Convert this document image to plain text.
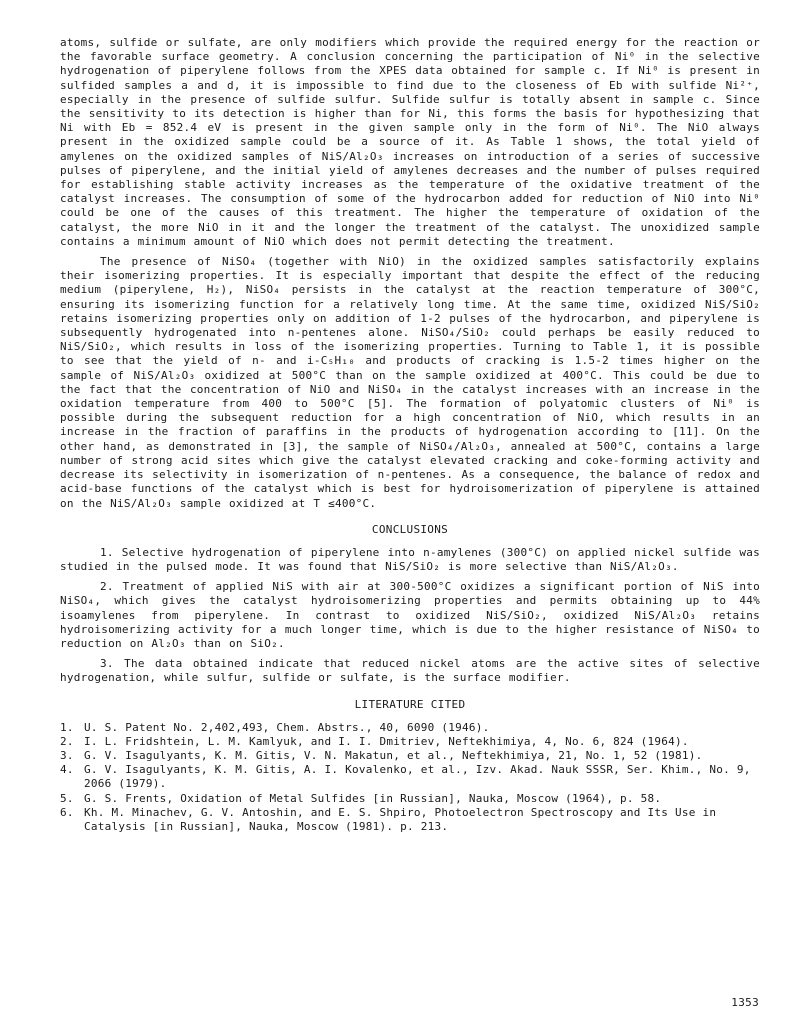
atoms, sulfide or sulfate, are only modifiers which provide the required energy for the reaction or the favorable surface geometry. A conclusion concerning the participation of Ni⁰ in the selective hydrogenation of piperylene follows from the XPES data obtained for sample c. If Ni⁰ is present in sulfided samples a and d, it is impossible to find due to the closeness of Eb with sulfide Ni²⁺, especially in the presence of sulfide sulfur. Sulfide sulfur is totally absent in sample c. Since the sensitivity to its detection is higher than for Ni, this forms the basis for hypothesizing that Ni with Eb = 852.4 eV is present in the given sample only in the form of Ni⁰. The NiO always present in the oxidized sample could be a source of it. As Table 1 shows, the total yield of amylenes on the oxidized samples of NiS/Al₂O₃ increases on introduction of a series of successive pulses of piperylene, and the initial yield of amylenes decreases and the number of pulses required for establishing stable activity increases as the temperature of the oxidative treatment of the catalyst increases. The consumption of some of the hydrocarbon added for reduction of NiO into Ni⁰ could be one of the causes of this treatment. The higher the temperature of oxidation of the catalyst, the more NiO in it and the longer the treatment of the catalyst. The unoxidized sample contains a minimum amount of NiO which does not permit detecting the treatment.

The presence of NiSO₄ (together with NiO) in the oxidized samples satisfactorily explains their isomerizing properties. It is especially important that despite the effect of the reducing medium (piperylene, H₂), NiSO₄ persists in the catalyst at the reaction temperature of 300°C, ensuring its isomerizing function for a relatively long time. At the same time, oxidized NiS/SiO₂ retains isomerizing properties only on addition of 1-2 pulses of the hydrocarbon, and piperylene is subsequently hydrogenated into n-pentenes alone. NiSO₄/SiO₂ could perhaps be easily reduced to NiS/SiO₂, which results in loss of the isomerizing properties. Turning to Table 1, it is possible to see that the yield of n- and i-C₅H₁₀ and products of cracking is 1.5-2 times higher on the sample of NiS/Al₂O₃ oxidized at 500°C than on the sample oxidized at 400°C. This could be due to the fact that the concentration of NiO and NiSO₄ in the catalyst increases with an increase in the oxidation temperature from 400 to 500°C [5]. The formation of polyatomic clusters of Ni⁰ is possible during the subsequent reduction for a high concentration of NiO, which results in an increase in the fraction of paraffins in the products of hydrogenation according to [11]. On the other hand, as demonstrated in [3], the sample of NiSO₄/Al₂O₃, annealed at 500°C, contains a large number of strong acid sites which give the catalyst elevated cracking and coke-forming activity and decrease its selectivity in isomerization of n-pentenes. As a consequence, the balance of redox and acid-base functions of the catalyst which is best for hydroisomerization of piperylene is attained on the NiS/Al₂O₃ sample oxidized at T ≤400°C.

CONCLUSIONS

1. Selective hydrogenation of piperylene into n-amylenes (300°C) on applied nickel sulfide was studied in the pulsed mode. It was found that NiS/SiO₂ is more selective than NiS/Al₂O₃.

2. Treatment of applied NiS with air at 300-500°C oxidizes a significant portion of NiS into NiSO₄, which gives the catalyst hydroisomerizing properties and permits obtaining up to 44% isoamylenes from piperylene. In contrast to oxidized NiS/SiO₂, oxidized NiS/Al₂O₃ retains hydroisomerizing activity for a much longer time, which is due to the higher resistance of NiSO₄ to reduction on Al₂O₃ than on SiO₂.

3. The data obtained indicate that reduced nickel atoms are the active sites of selective hydrogenation, while sulfur, sulfide or sulfate, is the surface modifier.

LITERATURE CITED
1. U. S. Patent No. 2,402,493, Chem. Abstrs., 40, 6090 (1946).
2. I. L. Fridshtein, L. M. Kamlyuk, and I. I. Dmitriev, Neftekhimiya, 4, No. 6, 824 (1964).
3. G. V. Isagulyants, K. M. Gitis, V. N. Makatun, et al., Neftekhimiya, 21, No. 1, 52 (1981).
4. G. V. Isagulyants, K. M. Gitis, A. I. Kovalenko, et al., Izv. Akad. Nauk SSSR, Ser. Khim., No. 9, 2066 (1979).
5. G. S. Frents, Oxidation of Metal Sulfides [in Russian], Nauka, Moscow (1964), p. 58.
6. Kh. M. Minachev, G. V. Antoshin, and E. S. Shpiro, Photoelectron Spectroscopy and Its Use in Catalysis [in Russian], Nauka, Moscow (1981). p. 213.
1353
